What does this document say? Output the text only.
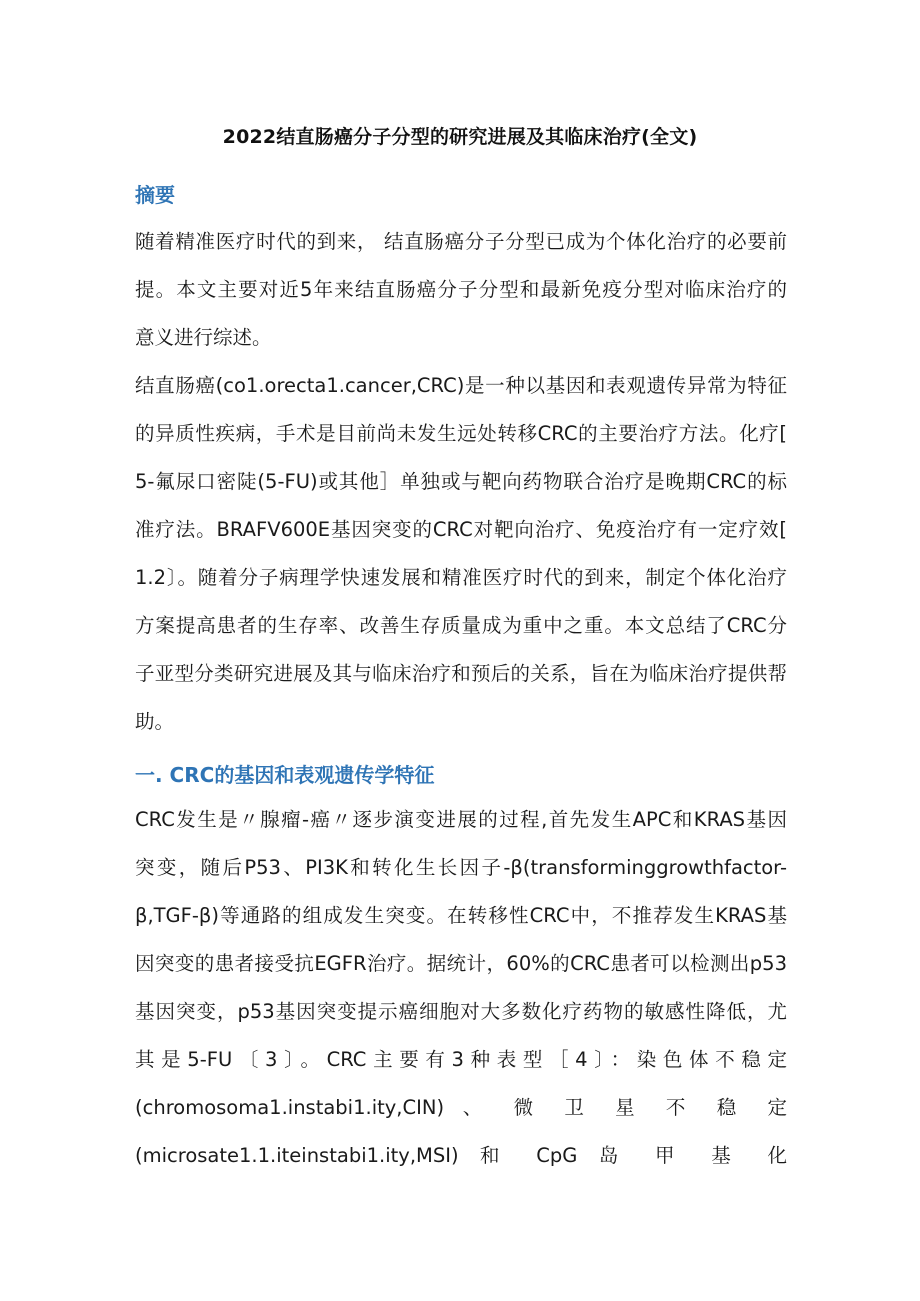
2022结直肠癌分子分型的研究进展及其临床治疗(全文)
摘要
随着精准医疗时代的到来， 结直肠癌分子分型已成为个体化治疗的必要前
提。本文主要对近5年来结直肠癌分子分型和最新免疫分型对临床治疗的
意义进行综述。
结直肠癌(co1.orecta1.cancer,CRC)是一种以基因和表观遗传异常为特征
的异质性疾病，手术是目前尚未发生远处转移CRC的主要治疗方法。化疗[
5-氟尿口密陡(5-FU)或其他］单独或与靶向药物联合治疗是晚期CRC的标
准疗法。BRAFV600E基因突变的CRC对靶向治疗、免疫治疗有一定疗效[
1.2〕。随着分子病理学快速发展和精准医疗时代的到来，制定个体化治疗
方案提高患者的生存率、改善生存质量成为重中之重。本文总结了CRC分
子亚型分类研究进展及其与临床治疗和预后的关系，旨在为临床治疗提供帮
助。
一. CRC的基因和表观遗传学特征
CRC发生是〃腺瘤-癌〃逐步演变进展的过程,首先发生APC和KRAS基因
突变，随后P53、PI3K和转化生长因子-β(transforminggrowthfactor-
β,TGF-β)等通路的组成发生突变。在转移性CRC中，不推荐发生KRAS基
因突变的患者接受抗EGFR治疗。据统计，60%的CRC患者可以检测出p53
基因突变，p53基因突变提示癌细胞对大多数化疗药物的敏感性降低，尤
其是5-FU〔3〕。CRC主要有3种表型［4〕：染色体不稳定
(chromosoma1.instabi1.ity,CIN) 、 微 卫 星 不 稳 定
(microsate1.1.iteinstabi1.ity,MSI) 和 CpG 岛 甲 基 化
